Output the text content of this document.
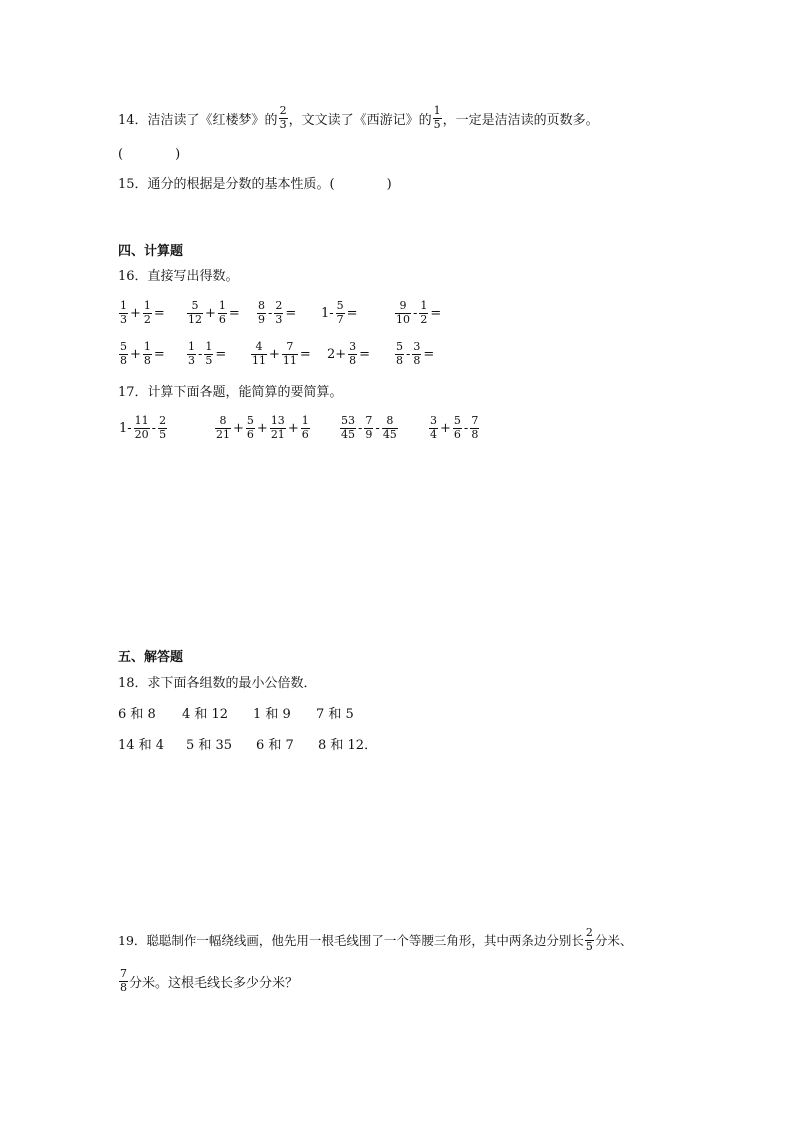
14．洁洁读了《红楼梦》的
2
3 ，文文读了《西游记》的
1
5 ，一定是洁洁读的页数多。
(　　　　)
15．通分的根据是分数的基本性质。(　　　　)
四、计算题
16．直接写出得数。
1
$3 + \frac{1}{2}$ =
5
$12 + \frac{1}{6}$ =
8
$9 - \frac{2}{3} = 1- \frac{5}{7}$ =
9
$10 - \frac{1}{2}$ =
5
$8 + \frac{1}{8}$ =
1
$3 - \frac{1}{5}$ =
4
$11 + \frac{7}{11} = 2+ \frac{3}{8}$ =
5
$8 - \frac{3}{8}$ =
17．计算下面各题，能简算的要简算。
1-
11
20 -
2
5
8
$21 + \frac{5}{6} + \frac{13}{21} + \frac{1}{6}$	53
45 -
7
9 -
8
45
3
$4 + \frac{5}{6}$ -
7
8
五、解答题
18．求下面各组数的最小公倍数．
6 和 8 4 和 12 1 和 9 7 和 5
14 和 4 5 和 35 6 和 7 8 和 12．
19．聪聪制作一幅绕线画，他先用一根毛线围了一个等腰三角形，其中两条边分别长
2
5 分米、
7
8 分米。这根毛线长多少分米？
